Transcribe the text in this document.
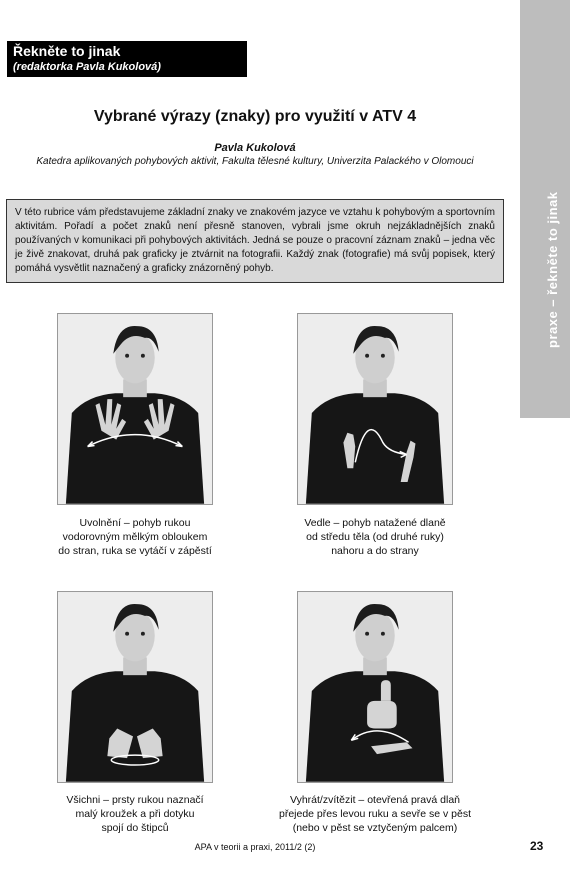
Řekněte to jinak
(redaktorka Pavla Kukolová)
praxe – řekněte to jinak
Vybrané výrazy (znaky) pro využití v ATV 4
Pavla Kukolová
Katedra aplikovaných pohybových aktivit, Fakulta tělesné kultury, Univerzita Palackého v Olomouci
V této rubrice vám představujeme základní znaky ve znakovém jazyce ve vztahu k pohybovým a sportovním aktivitám. Pořadí a počet znaků není přesně stanoven, vybrali jsme okruh nejzákladnějších znaků používaných v komunikaci při pohybových aktivitách. Jedná se pouze o pracovní záznam znaků – jedna věc je živě znakovat, druhá pak graficky je ztvárnit na fotografii. Každý znak (fotografie) má svůj popisek, který pomáhá vysvětlit naznačený a graficky znázorněný pohyb.
Uvolnění – pohyb rukou
vodorovným mělkým obloukem
do stran, ruka se vytáčí v zápěstí
Vedle – pohyb natažené dlaně
od středu těla (od druhé ruky)
nahoru a do strany
Všichni – prsty rukou naznačí
malý kroužek a při dotyku
spojí do štipců
Vyhrát/zvítězit – otevřená pravá dlaň
přejede přes levou ruku a sevře se v pěst
(nebo v pěst se vztyčeným palcem)
APA v teorii a praxi, 2011/2 (2)	23
